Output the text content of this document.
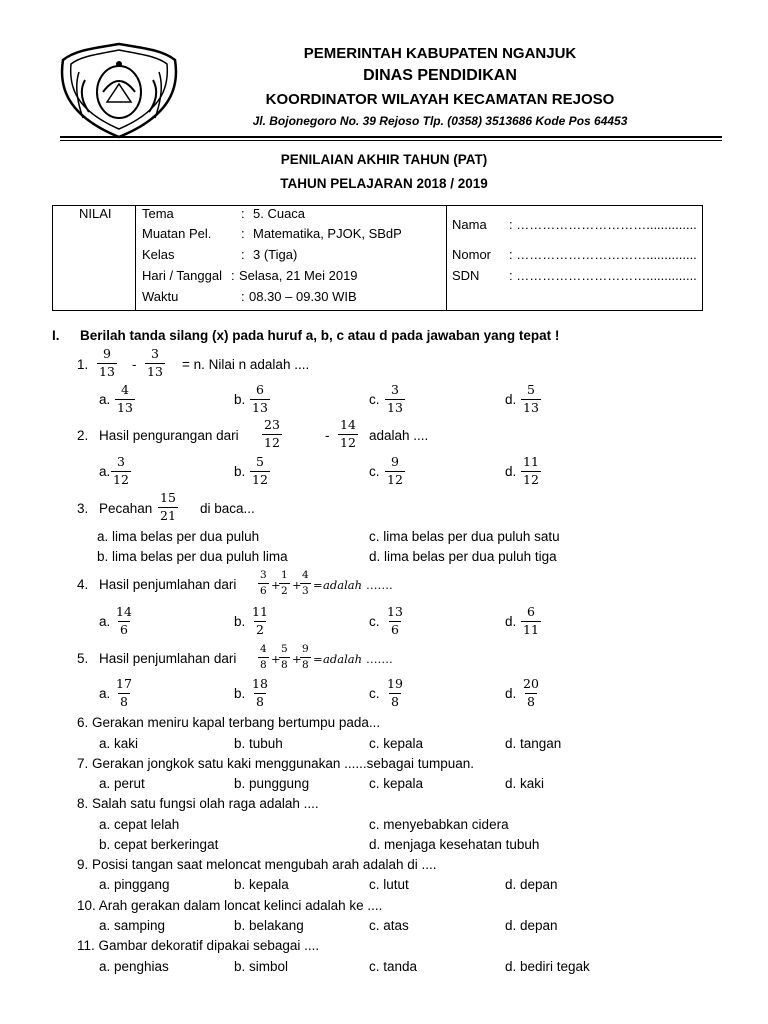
PEMERINTAH KABUPATEN NGANJUK
DINAS PENDIDIKAN
KOORDINATOR WILAYAH KECAMATAN REJOSO
Jl. Bojonegoro No. 39 Rejoso Tlp. (0358) 3513686 Kode Pos 64453
PENILAIAN AKHIR TAHUN (PAT)
TAHUN PELAJARAN 2018 / 2019
NILAI Tema	: 5. Cuaca
Muatan Pel. : Matematika, PJOK, SBdP
Kelas	: 3 (Tiga)
Hari / Tanggal : Selasa, 21 Mei 2019
Waktu	: 08.30 – 09.30 WIB
Nama : …………………………..............
Nomor : …………………………..............
SDN : …………………………..............
I. Berilah tanda silang (x) pada huruf a, b, c atau d pada jawaban yang tepat !
1. $\frac{9}{13} - \frac{3}{13} = n$. Nilai n adalah ....
a. $\frac{4}{13}$	b. $\frac{6}{13}$	c. $\frac{3}{13}$	d. $\frac{5}{13}$
2. Hasil pengurangan dari $\frac{23}{12}$	- $\frac{14}{12}$ adalah ....
a. $\frac{3}{12}$	b. $\frac{5}{12}$	c. $\frac{9}{12}$	d. $\frac{11}{12}$
3. Pecahan $\frac{15}{21}$ di baca...
a. lima belas per dua puluh	c. lima belas per dua puluh satu
b. lima belas per dua puluh lima	d. lima belas per dua puluh tiga
4. Hasil penjumlahan dari $\frac{3}{6}$ +
$\frac{1}{2}$ +
$\frac{4}{3}$ = adalah …….
a. $\frac{14}{6}$	b. $\frac{11}{2}$	c. $\frac{13}{6}$	d. $\frac{6}{11}$
5. Hasil penjumlahan dari $\frac{4}{8}$ +
$\frac{5}{8}$ +
$\frac{9}{8}$ = adalah …….
a. $\frac{17}{8}$	b. $\frac{18}{8}$	c. $\frac{19}{8}$	d. $\frac{20}{8}$
6. Gerakan meniru kapal terbang bertumpu pada...
a. kaki	b. tubuh	c. kepala	d. tangan
7. Gerakan jongkok satu kaki menggunakan ......sebagai tumpuan.
a. perut	b. punggung	c. kepala	d. kaki
8. Salah satu fungsi olah raga adalah ....
a. cepat lelah	c. menyebabkan cidera
b. cepat berkeringat	d. menjaga kesehatan tubuh
9. Posisi tangan saat meloncat mengubah arah adalah di ....
a. pinggang	b. kepala	c. lutut	d. depan
10. Arah gerakan dalam loncat kelinci adalah ke ....
a. samping	b. belakang	c. atas	d. depan
11. Gambar dekoratif dipakai sebagai ....
a. penghias	b. simbol	c. tanda	d. bediri tegak
